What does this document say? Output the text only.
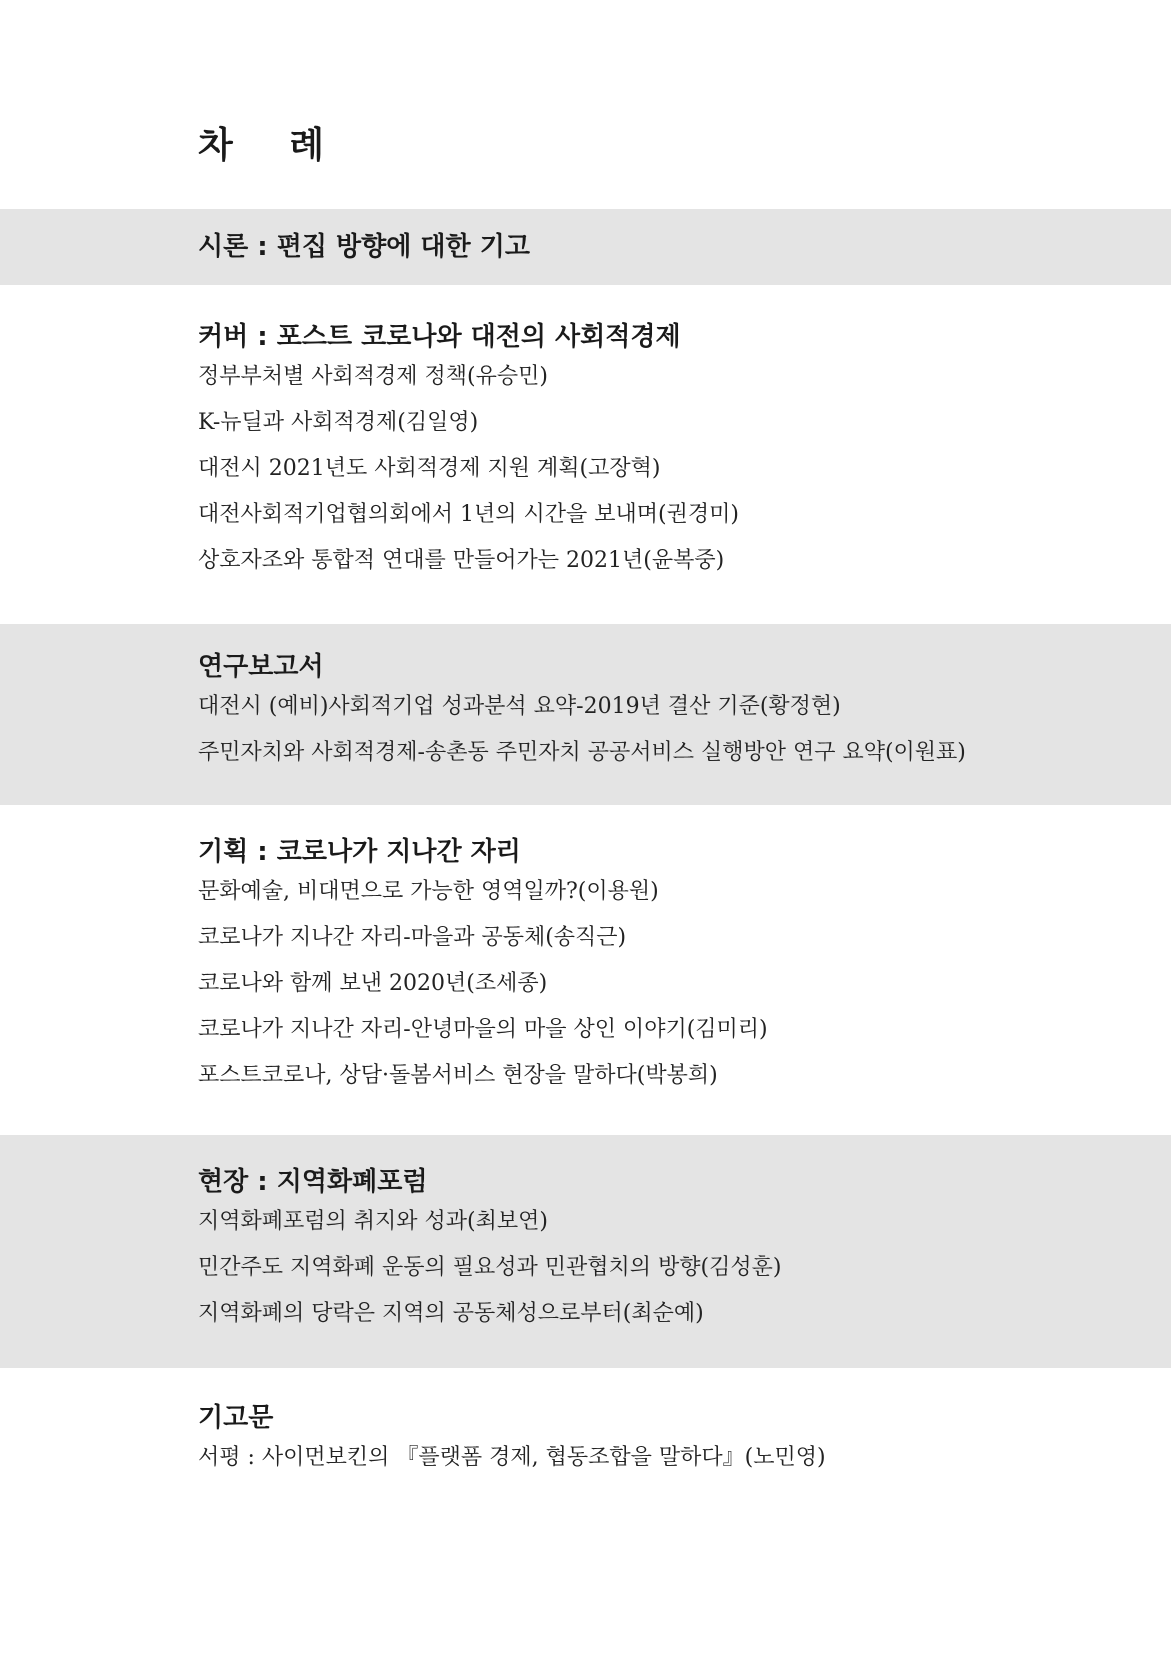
차 례
시론 : 편집 방향에 대한 기고
커버 : 포스트 코로나와 대전의 사회적경제
정부부처별 사회적경제 정책(유승민)
K-뉴딜과 사회적경제(김일영)
대전시 2021년도 사회적경제 지원 계획(고장혁)
대전사회적기업협의회에서 1년의 시간을 보내며(권경미)
상호자조와 통합적 연대를 만들어가는 2021년(윤복중)
연구보고서
대전시 (예비)사회적기업 성과분석 요약-2019년 결산 기준(황정현)
주민자치와 사회적경제-송촌동 주민자치 공공서비스 실행방안 연구 요약(이원표)
기획 : 코로나가 지나간 자리
문화예술, 비대면으로 가능한 영역일까?(이용원)
코로나가 지나간 자리-마을과 공동체(송직근)
코로나와 함께 보낸 2020년(조세종)
코로나가 지나간 자리-안녕마을의 마을 상인 이야기(김미리)
포스트코로나, 상담·돌봄서비스 현장을 말하다(박봉희)
현장 : 지역화폐포럼
지역화폐포럼의 취지와 성과(최보연)
민간주도 지역화폐 운동의 필요성과 민관협치의 방향(김성훈)
지역화폐의 당락은 지역의 공동체성으로부터(최순예)
기고문
서평 : 사이먼보킨의 『플랫폼 경제, 협동조합을 말하다』(노민영)
